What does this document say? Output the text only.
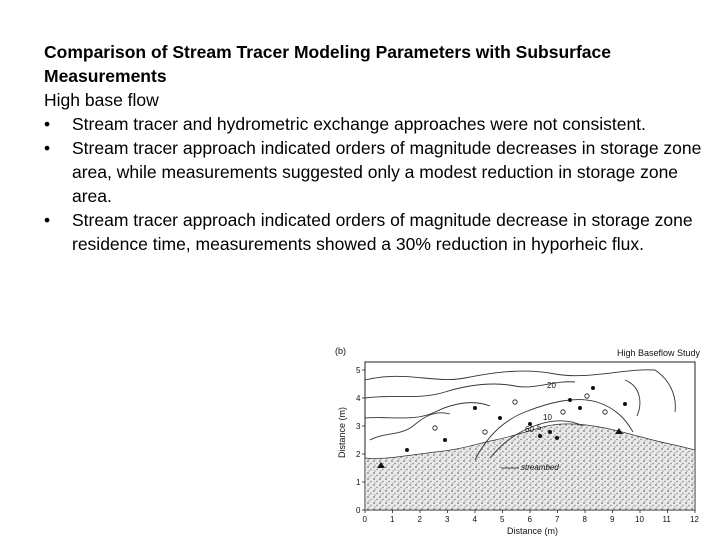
Comparison of Stream Tracer Modeling Parameters with Subsurface Measurements

High base flow

•	Stream tracer and hydrometric exchange approaches were not consistent.
•	Stream tracer approach indicated orders of magnitude decreases in storage zone area, while measurements suggested only a modest reduction in storage zone area.
•	Stream tracer approach indicated orders of magnitude decrease in storage zone residence time, measurements showed a 30% reduction in hyporheic flux.
(b)	High Baseflow Study
20
10
60 5
streambed
0
1
2
3
4
5
0	1	2	3	4	5	6	7	8	9	10 11 12
Distance (m)
Distance (m)
